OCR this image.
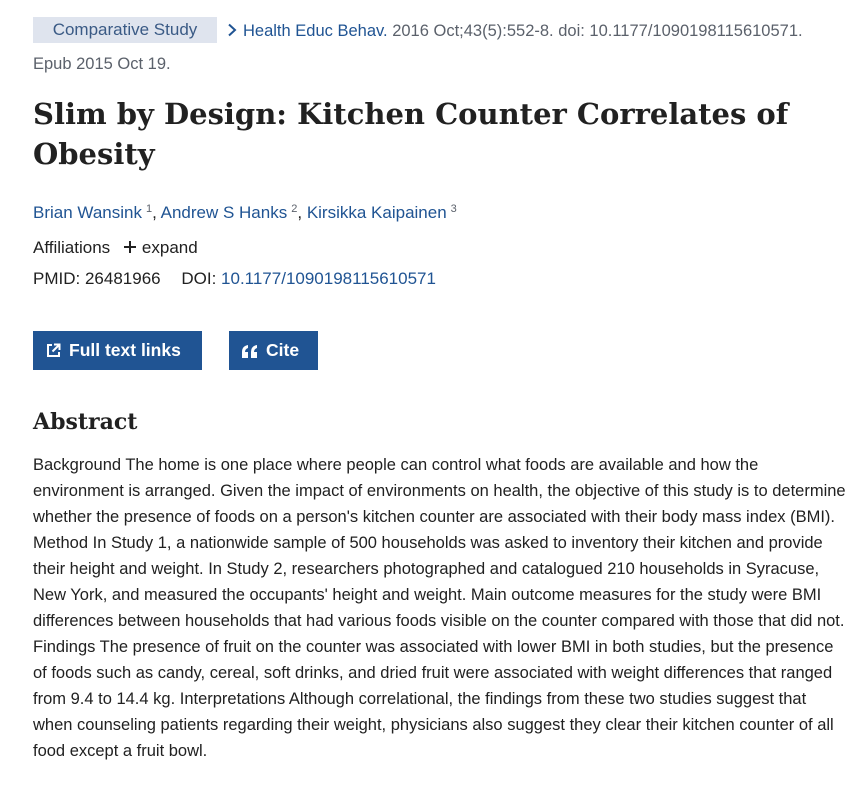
Comparative Study	Health Educ Behav. 2016 Oct;43(5):552-8. doi: 10.1177/1090198115610571.
Epub 2015 Oct 19.
Slim by Design: Kitchen Counter Correlates of Obesity
Brian Wansink $^1$, Andrew S Hanks $^2$, Kirsikka Kaipainen $^3$
Affiliations expand
PMID: 26481966 DOI: 10.1177/1090198115610571
Full text links	Cite
Abstract

Background The home is one place where people can control what foods are available and how the environment is arranged. Given the impact of environments on health, the objective of this study is to determine whether the presence of foods on a person's kitchen counter are associated with their body mass index (BMI). Method In Study 1, a nationwide sample of 500 households was asked to inventory their kitchen and provide their height and weight. In Study 2, researchers photographed and catalogued 210 households in Syracuse, New York, and measured the occupants' height and weight. Main outcome measures for the study were BMI differences between households that had various foods visible on the counter compared with those that did not. Findings The presence of fruit on the counter was associated with lower BMI in both studies, but the presence of foods such as candy, cereal, soft drinks, and dried fruit were associated with weight differences that ranged from 9.4 to 14.4 kg. Interpretations Although correlational, the findings from these two studies suggest that when counseling patients regarding their weight, physicians also suggest they clear their kitchen counter of all food except a fruit bowl.
